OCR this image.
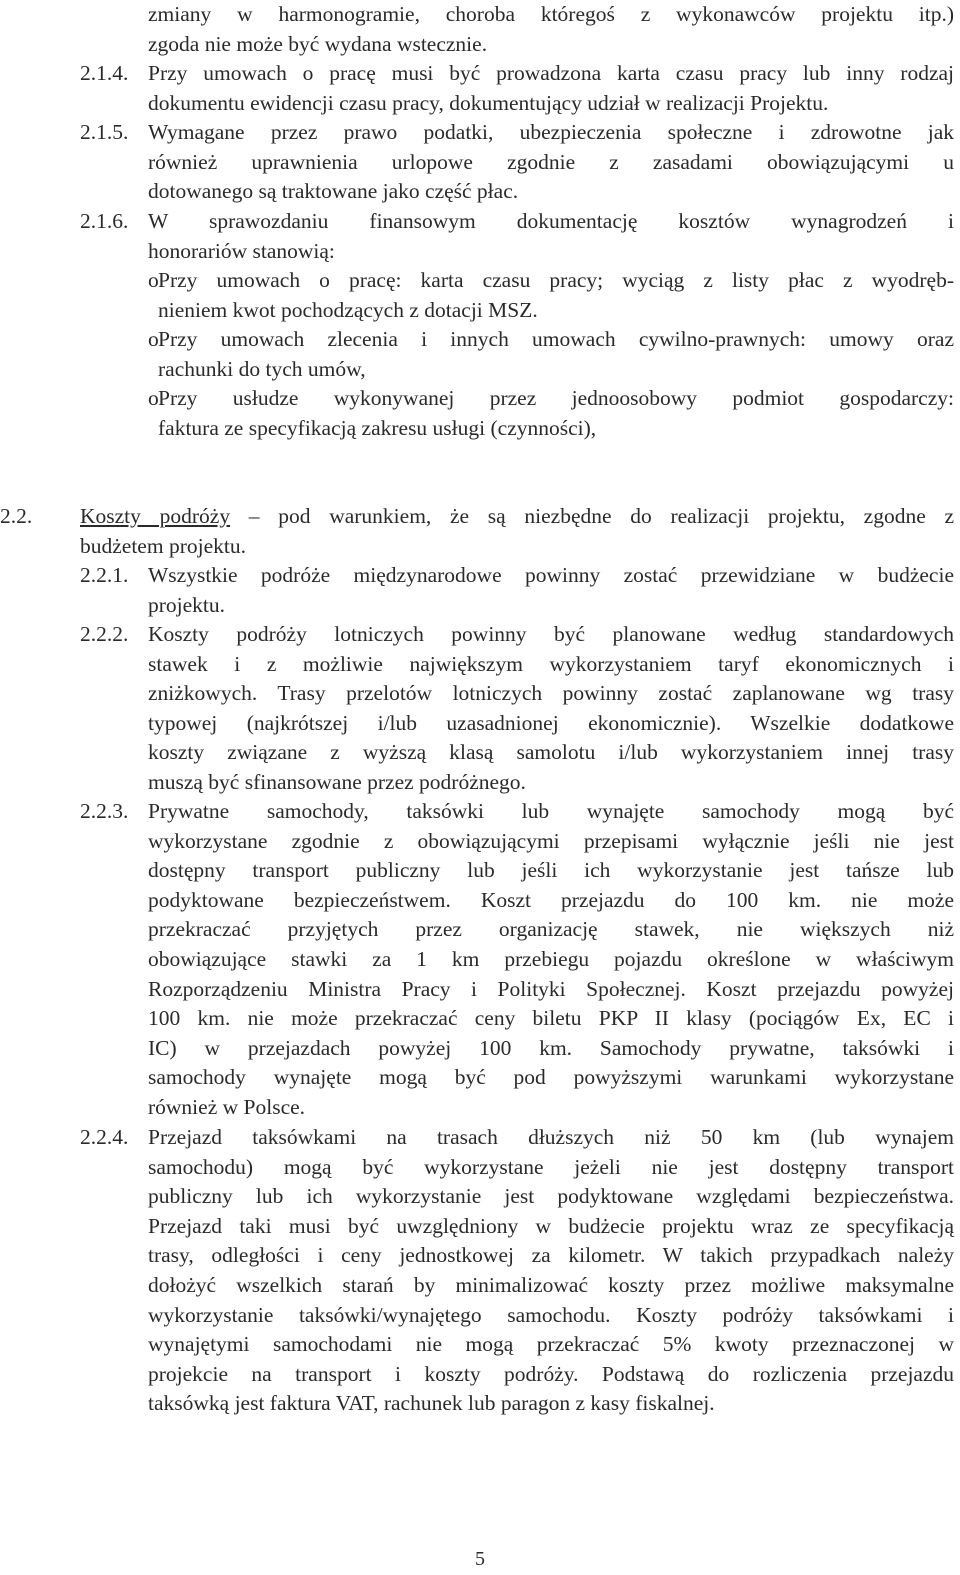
zmiany w harmonogramie, choroba któregoś z wykonawców projektu itp.)
zgoda nie może być wydana wstecznie.
2.1.4. Przy umowach o pracę musi być prowadzona karta czasu pracy lub inny rodzaj
dokumentu ewidencji czasu pracy, dokumentujący udział w realizacji Projektu.
2.1.5. Wymagane przez prawo podatki, ubezpieczenia społeczne i zdrowotne jak
również uprawnienia urlopowe zgodnie z zasadami obowiązującymi u
dotowanego są traktowane jako część płac.
2.1.6. W sprawozdaniu finansowym dokumentację kosztów wynagrodzeń i
honorariów stanowią:
o Przy umowach o pracę: karta czasu pracy; wyciąg z listy płac z wyodręb-
nieniem kwot pochodzących z dotacji MSZ.
o Przy umowach zlecenia i innych umowach cywilno-prawnych: umowy oraz
rachunki do tych umów,
o Przy usłudze wykonywanej przez jednoosobowy podmiot gospodarczy:
faktura ze specyfikacją zakresu usługi (czynności),
2.2. Koszty podróży – pod warunkiem, że są niezbędne do realizacji projektu, zgodne z
budżetem projektu.
2.2.1. Wszystkie podróże międzynarodowe powinny zostać przewidziane w budżecie
projektu.
2.2.2. Koszty podróży lotniczych powinny być planowane według standardowych
stawek i z możliwie największym wykorzystaniem taryf ekonomicznych i
zniżkowych. Trasy przelotów lotniczych powinny zostać zaplanowane wg trasy
typowej (najkrótszej i/lub uzasadnionej ekonomicznie). Wszelkie dodatkowe
koszty związane z wyższą klasą samolotu i/lub wykorzystaniem innej trasy
muszą być sfinansowane przez podróżnego.
2.2.3. Prywatne samochody, taksówki lub wynajęte samochody mogą być
wykorzystane zgodnie z obowiązującymi przepisami wyłącznie jeśli nie jest
dostępny transport publiczny lub jeśli ich wykorzystanie jest tańsze lub
podyktowane bezpieczeństwem. Koszt przejazdu do 100 km. nie może
przekraczać przyjętych przez organizację stawek, nie większych niż
obowiązujące stawki za 1 km przebiegu pojazdu określone w właściwym
Rozporządzeniu Ministra Pracy i Polityki Społecznej. Koszt przejazdu powyżej
100 km. nie może przekraczać ceny biletu PKP II klasy (pociągów Ex, EC i
IC) w przejazdach powyżej 100 km. Samochody prywatne, taksówki i
samochody wynajęte mogą być pod powyższymi warunkami wykorzystane
również w Polsce.
2.2.4. Przejazd taksówkami na trasach dłuższych niż 50 km (lub wynajem
samochodu) mogą być wykorzystane jeżeli nie jest dostępny transport
publiczny lub ich wykorzystanie jest podyktowane względami bezpieczeństwa.
Przejazd taki musi być uwzględniony w budżecie projektu wraz ze specyfikacją
trasy, odległości i ceny jednostkowej za kilometr. W takich przypadkach należy
dołożyć wszelkich starań by minimalizować koszty przez możliwe maksymalne
wykorzystanie taksówki/wynajętego samochodu. Koszty podróży taksówkami i
wynajętymi samochodami nie mogą przekraczać 5% kwoty przeznaczonej w
projekcie na transport i koszty podróży. Podstawą do rozliczenia przejazdu
taksówką jest faktura VAT, rachunek lub paragon z kasy fiskalnej.
5
